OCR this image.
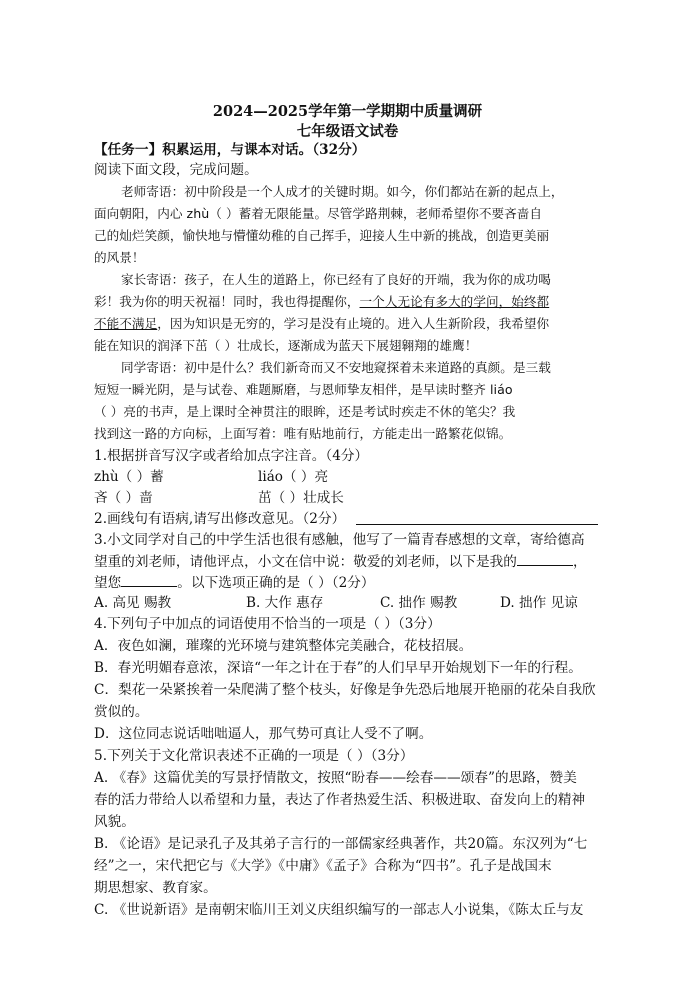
2024—2025学年第一学期期中质量调研
七年级语文试卷
【任务一】积累运用，与课本对话。（32分）
阅读下面文段，完成问题。
老师寄语：初中阶段是一个人成才的关键时期。如今，你们都站在新的起点上，
面向朝阳，内心 zhù（ ）蓄着无限能量。尽管学路荆棘，老师希望你不要吝啬自
己的灿烂笑颜，愉快地与懵懂幼稚的自己挥手，迎接人生中新的挑战，创造更美丽
的风景！
家长寄语：孩子，在人生的道路上，你已经有了良好的开端，我为你的成功喝
彩！我为你的明天祝福！同时，我也得提醒你，一个人无论有多大的学问，始终都
不能不满足，因为知识是无穷的，学习是没有止境的。进入人生新阶段，我希望你
能在知识的润泽下茁（ ）壮成长，逐渐成为蓝天下展翅翱翔的雄鹰！
同学寄语：初中是什么？我们新奇而又不安地窥探着未来道路的真颜。是三载
短短一瞬光阴，是与试卷、难题厮磨，与恩师挚友相伴，是早读时整齐 liáo
（ ）亮的书声，是上课时全神贯注的眼眸，还是考试时疾走不休的笔尖？我
找到这一路的方向标，上面写着：唯有贴地前行，方能走出一路繁花似锦。
1.根据拼音写汉字或者给加点字注音。（4分）
zhù（ ）蓄	liáo（ ）亮
吝（ ）啬	茁（ ）壮成长
2.画线句有语病,请写出修改意见。（2分）
3.小文同学对自己的中学生活也很有感触，他写了一篇青春感想的文章，寄给德高
望重的刘老师，请他评点，小文在信中说：敬爱的刘老师，以下是我的	，
望您	。以下选项正确的是（ ）（2分）
A. 高见 赐教	B. 大作 惠存	C. 拙作 赐教	D. 拙作 见谅
4.下列句子中加点的词语使用不恰当的一项是（ ）（3分）
A．夜色如澜，璀璨的光环境与建筑整体完美融合，花枝招展。
B．春光明媚春意浓，深谙“一年之计在于春”的人们早早开始规划下一年的行程。
C．梨花一朵紧挨着一朵爬满了整个枝头，好像是争先恐后地展开艳丽的花朵自我欣
赏似的。
D．这位同志说话咄咄逼人，那气势可真让人受不了啊。
5.下列关于文化常识表述不正确的一项是（ ）（3分）
A. 《春》这篇优美的写景抒情散文，按照“盼春——绘春——颂春”的思路，赞美
春的活力带给人以希望和力量，表达了作者热爱生活、积极进取、奋发向上的精神
风貌。
B. 《论语》是记录孔子及其弟子言行的一部儒家经典著作，共20篇。东汉列为“七
经”之一，宋代把它与《大学》《中庸》《孟子》合称为“四书”。孔子是战国末
期思想家、教育家。
C. 《世说新语》是南朝宋临川王刘义庆组织编写的一部志人小说集，《陈太丘与友
